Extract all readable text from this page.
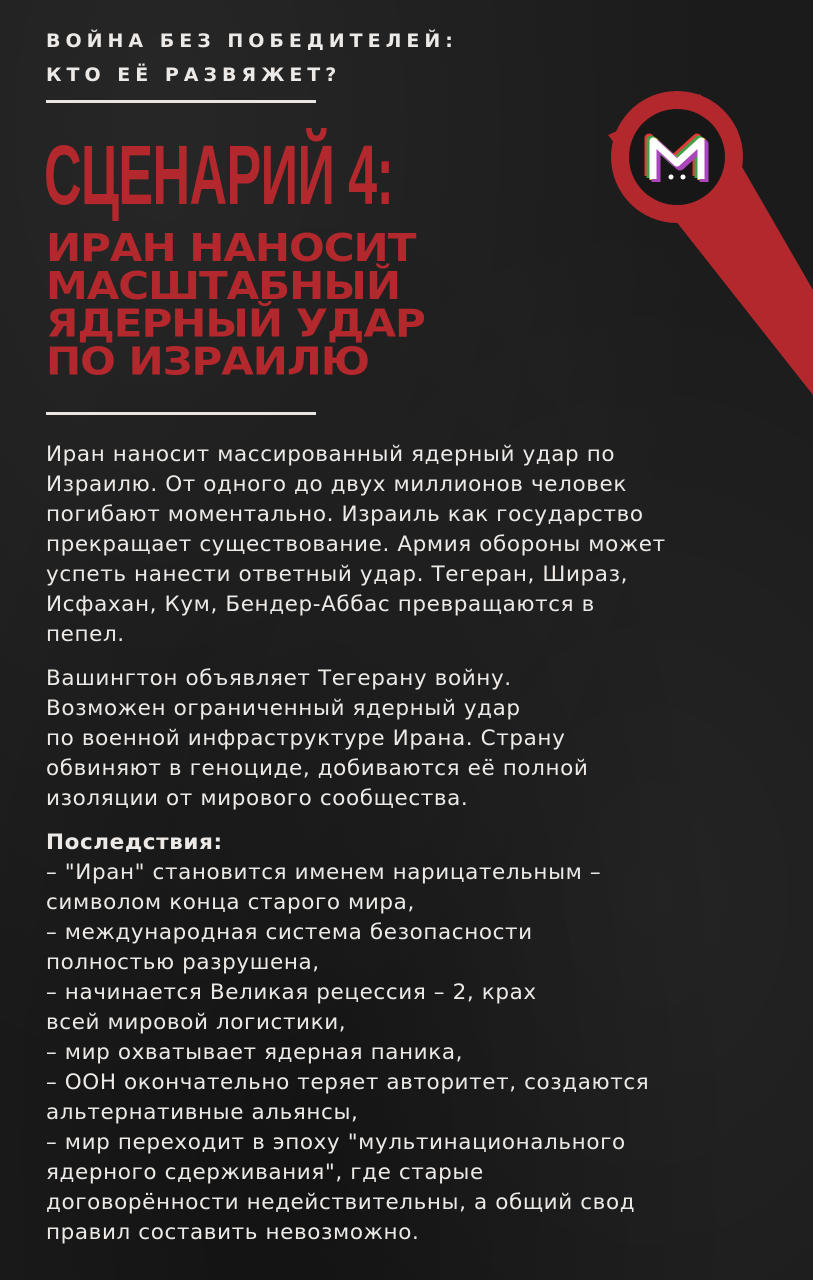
ВОЙНА БЕЗ ПОБЕДИТЕЛЕЙ:
КТО ЕЁ РАЗВЯЖЕТ?
СЦЕНАРИЙ 4:
ИРАН НАНОСИТ
МАСШТАБНЫЙ
ЯДЕРНЫЙ УДАР
ПО ИЗРАИЛЮ

Иран наносит массированный ядерный удар по
Израилю. От одного до двух миллионов человек
погибают моментально. Израиль как государство
прекращает существование. Армия обороны может
успеть нанести ответный удар. Тегеран, Шираз,
Исфахан, Кум, Бендер-Аббас превращаются в
пепел.

Вашингтон объявляет Тегерану войну.
Возможен ограниченный ядерный удар
по военной инфраструктуре Ирана. Страну
обвиняют в геноциде, добиваются её полной
изоляции от мирового сообщества.

Последствия:
– "Иран" становится именем нарицательным –
символом конца старого мира,
– международная система безопасности
полностью разрушена,
– начинается Великая рецессия – 2, крах
всей мировой логистики,
– мир охватывает ядерная паника,
– ООН окончательно теряет авторитет, создаются
альтернативные альянсы,
– мир переходит в эпоху "мультинационального
ядерного сдерживания", где старые
договорённости недействительны, а общий свод
правил составить невозможно.
